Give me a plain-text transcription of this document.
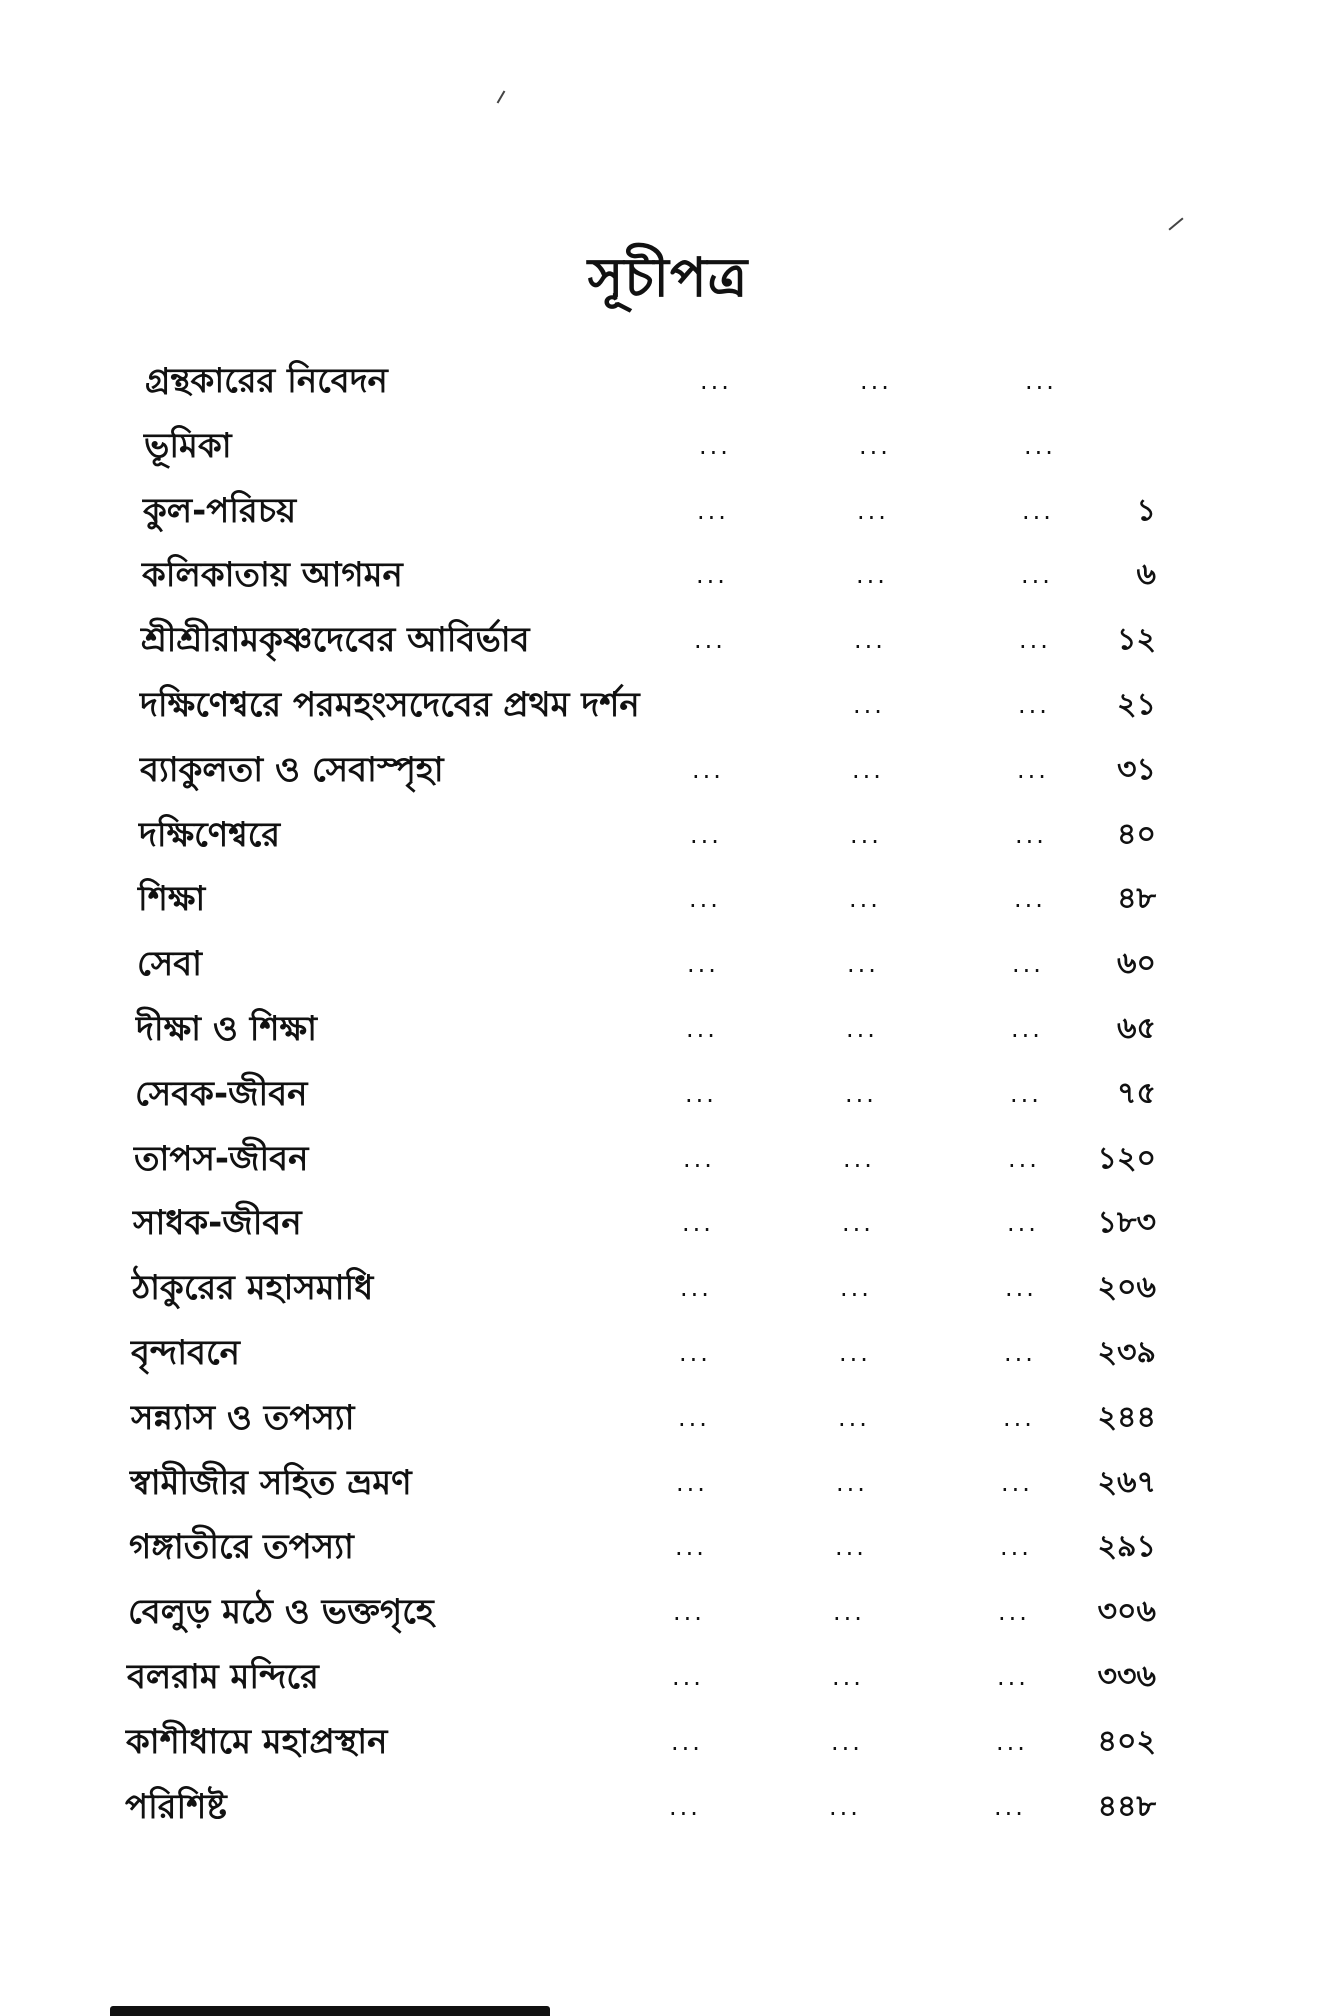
সূচীপত্র
গ্রন্থকারের নিবেদন	...	...	...
ভূমিকা	...	...	...
কুল-পরিচয়	...	...	...	১
কলিকাতায় আগমন	...	...	...	৬
শ্রীশ্রীরামকৃষ্ণদেবের আবির্ভাব	...	...	... ১২
দক্ষিণেশ্বরে পরমহংসদেবের প্রথম দর্শন	...	... ২১
ব্যাকুলতা ও সেবাস্পৃহা	...	...	... ৩১
দক্ষিণেশ্বরে	...	...	... ৪০
শিক্ষা	...	...	... ৪৮
সেবা	...	...	... ৬০
দীক্ষা ও শিক্ষা	...	...	... ৬৫
সেবক-জীবন	...	...	...	৭৫
তাপস-জীবন	...	...	... ১২০
সাধক-জীবন	...	...	... ১৮৩
ঠাকুরের মহাসমাধি	...	...	... ২০৬
বৃন্দাবনে	...	...	... ২৩৯
সন্ন্যাস ও তপস্যা	...	...	... ২৪৪
স্বামীজীর সহিত ভ্রমণ	...	...	... ২৬৭
গঙ্গাতীরে তপস্যা	...	...	... ২৯১
বেলুড় মঠে ও ভক্তগৃহে	...	...	... ৩০৬
বলরাম মন্দিরে	...	...	... ৩৩৬
কাশীধামে মহাপ্রস্থান	...	...	... ৪০২
পরিশিষ্ট	...	...	... ৪৪৮
